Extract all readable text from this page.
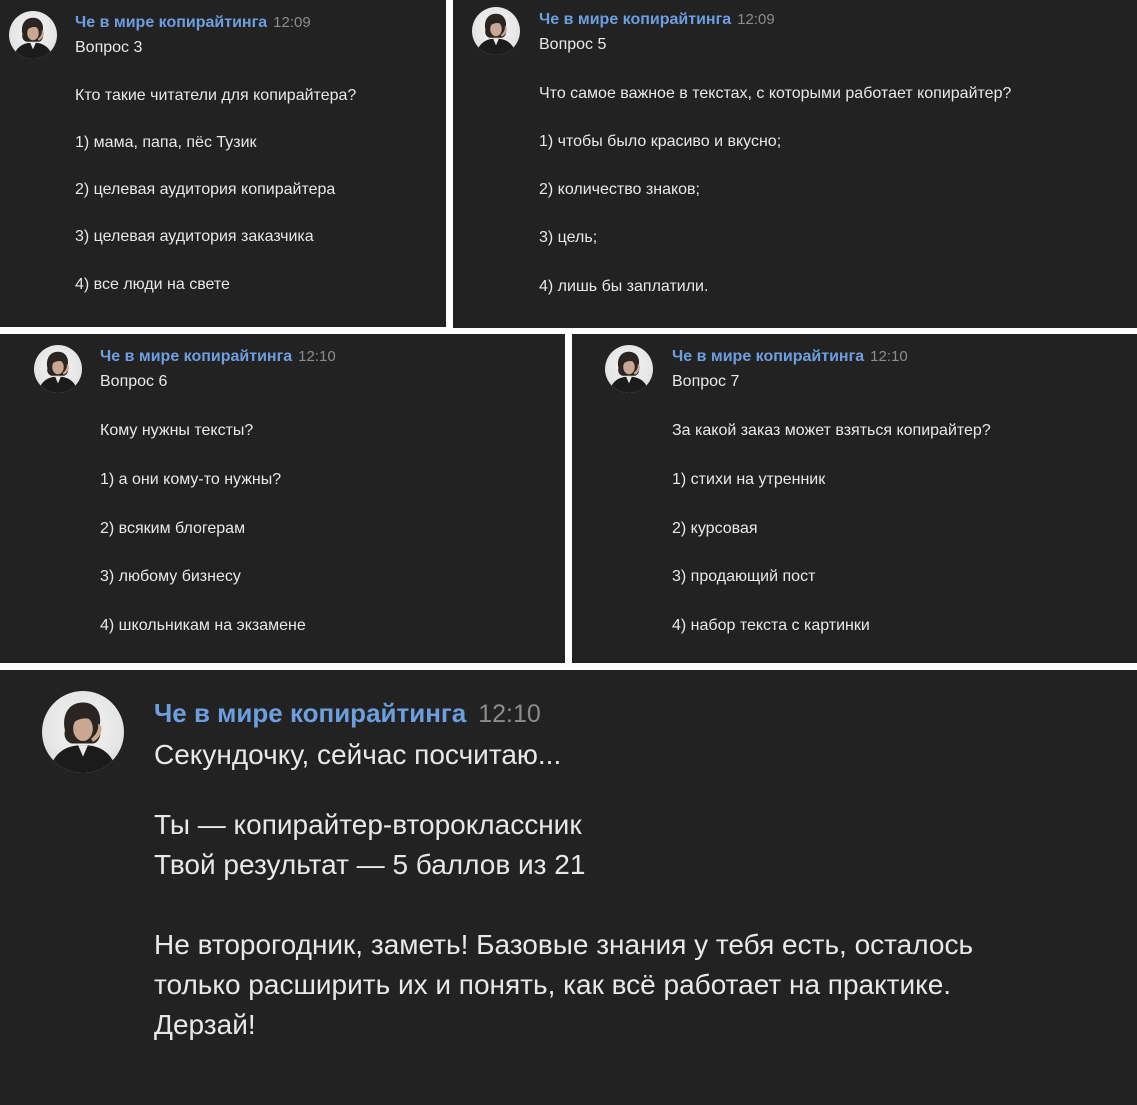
Че в мире копирайтинга 12:09
Вопрос 3
Кто такие читатели для копирайтера?
1) мама, папа, пёс Тузик
2) целевая аудитория копирайтера
3) целевая аудитория заказчика
4) все люди на свете
Че в мире копирайтинга 12:09
Вопрос 5
Что самое важное в текстах, с которыми работает копирайтер?
1) чтобы было красиво и вкусно;
2) количество знаков;
3) цель;
4) лишь бы заплатили.
Че в мире копирайтинга 12:10
Вопрос 6
Кому нужны тексты?
1) а они кому-то нужны?
2) всяким блогерам
3) любому бизнесу
4) школьникам на экзамене
Че в мире копирайтинга 12:10
Вопрос 7
За какой заказ может взяться копирайтер?
1) стихи на утренник
2) курсовая
3) продающий пост
4) набор текста с картинки
Че в мире копирайтинга 12:10
Секундочку, сейчас посчитаю...
Ты — копирайтер-второклассник
Твой результат — 5 баллов из 21
Не второгодник, заметь! Базовые знания у тебя есть, осталось
только расширить их и понять, как всё работает на практике.
Дерзай!
